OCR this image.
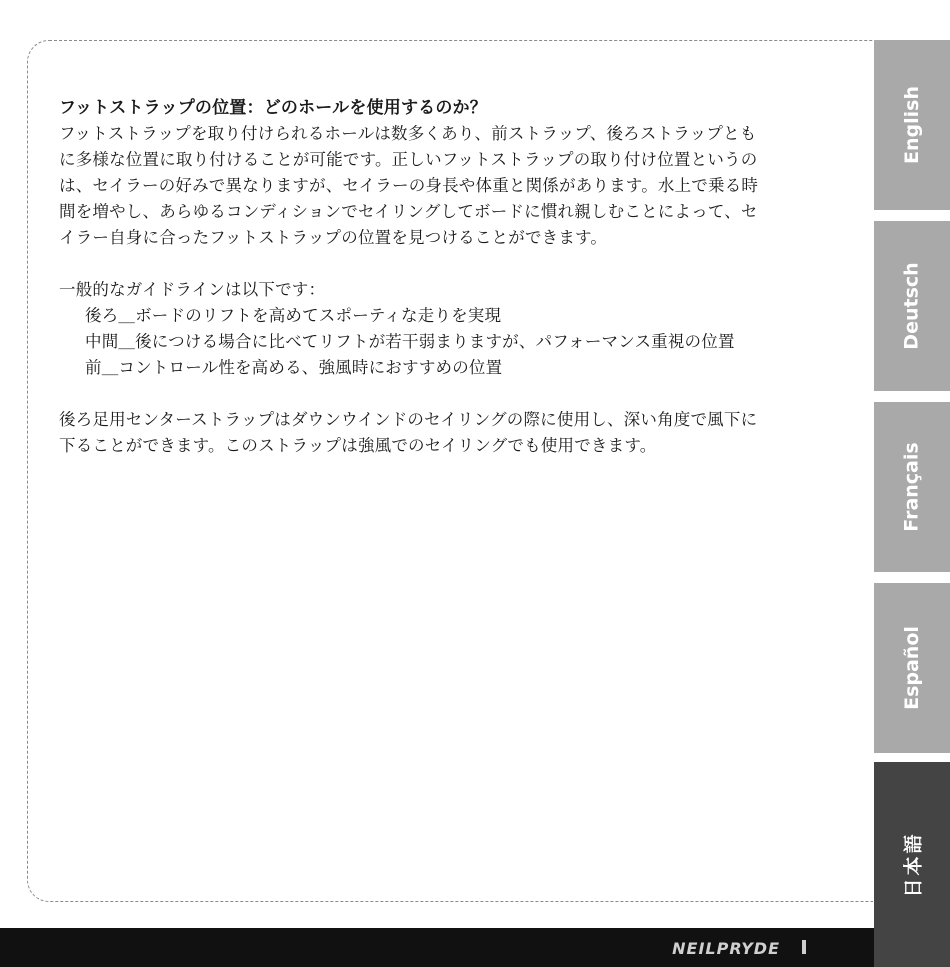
フットストラップの位置：どのホールを使用するのか？

フットストラップを取り付けられるホールは数多くあり、前ストラップ、後ろストラップとも

に多様な位置に取り付けることが可能です。正しいフットストラップの取り付け位置というの

は、セイラーの好みで異なりますが、セイラーの身長や体重と関係があります。水上で乗る時

間を増やし、あらゆるコンディションでセイリングしてボードに慣れ親しむことによって、セ

イラー自身に合ったフットストラップの位置を見つけることができます。

一般的なガイドラインは以下です：

後ろ＿ボードのリフトを高めてスポーティな走りを実現

中間＿後につける場合に比べてリフトが若干弱まりますが、パフォーマンス重視の位置

前＿コントロール性を高める、強風時におすすめの位置

後ろ足用センターストラップはダウンウインドのセイリングの際に使用し、深い角度で風下に

下ることができます。このストラップは強風でのセイリングでも使用できます。

English
Deutsch
Français
Español
日本語
NEILPRYDE
